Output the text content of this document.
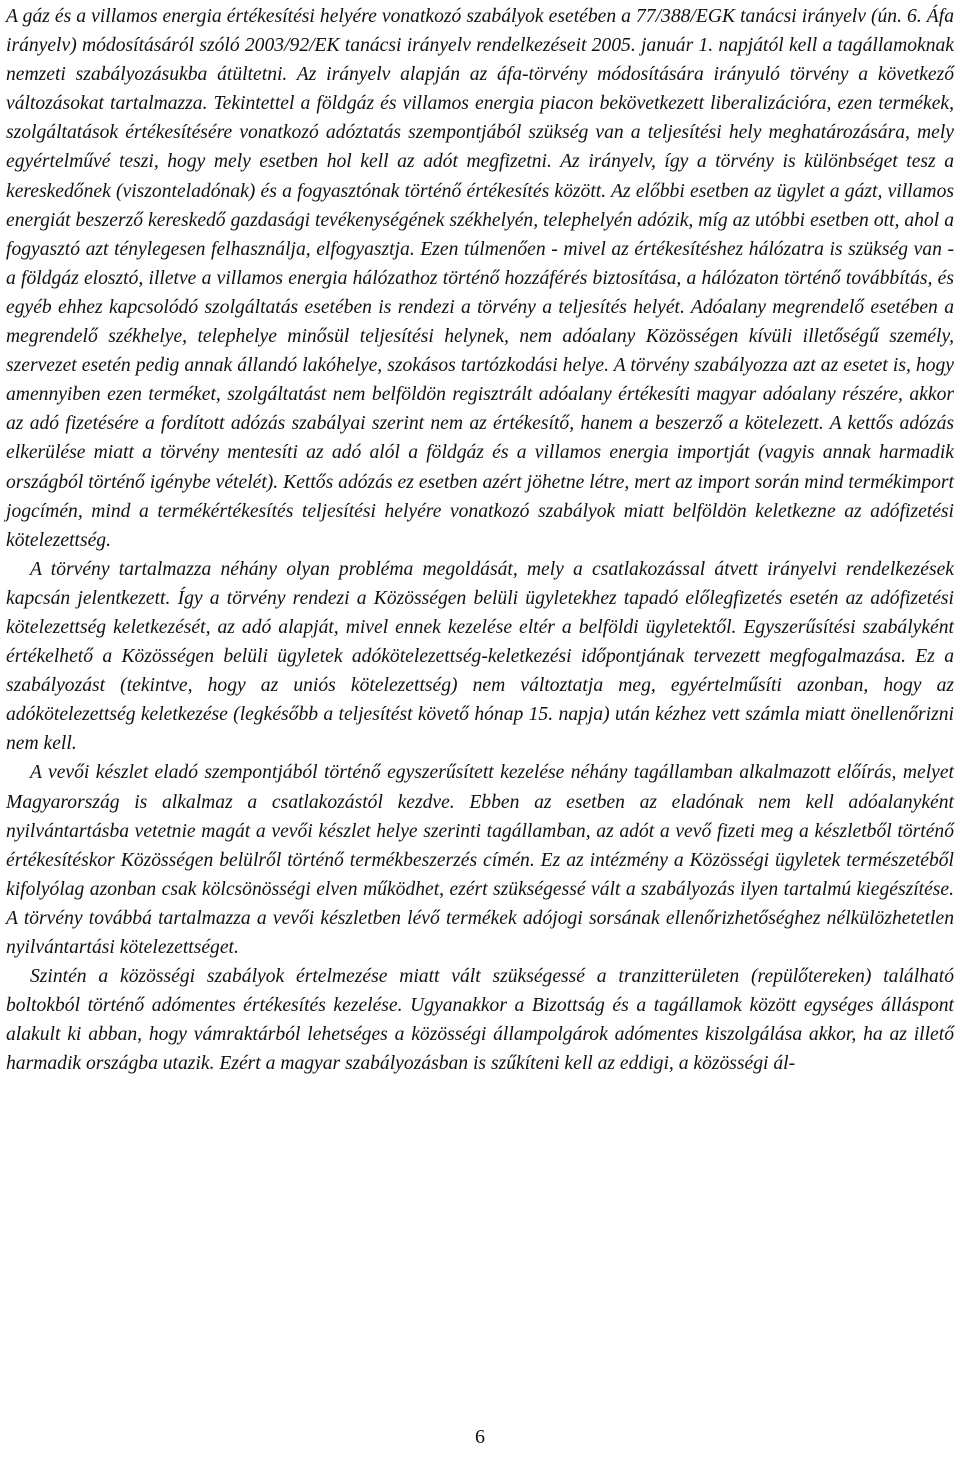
A gáz és a villamos energia értékesítési helyére vonatkozó szabályok esetében a 77/388/EGK tanácsi irányelv (ún. 6. Áfa irányelv) módosításáról szóló 2003/92/EK tanácsi irányelv rendelkezéseit 2005. január 1. napjától kell a tagállamoknak nemzeti szabályozásukba átültetni. Az irányelv alapján az áfa-törvény módosítására irányuló törvény a következő változásokat tartalmazza. Tekintettel a földgáz és villamos energia piacon bekövetkezett liberalizációra, ezen termékek, szolgáltatások értékesítésére vonatkozó adóztatás szempontjából szükség van a teljesítési hely meghatározására, mely egyértelművé teszi, hogy mely esetben hol kell az adót megfizetni. Az irányelv, így a törvény is különbséget tesz a kereskedőnek (viszonteladónak) és a fogyasztónak történő értékesítés között. Az előbbi esetben az ügylet a gázt, villamos energiát beszerző kereskedő gazdasági tevékenységének székhelyén, telephelyén adózik, míg az utóbbi esetben ott, ahol a fogyasztó azt ténylegesen felhasználja, elfogyasztja. Ezen túlmenően - mivel az értékesítéshez hálózatra is szükség van - a földgáz elosztó, illetve a villamos energia hálózathoz történő hozzáférés biztosítása, a hálózaton történő továbbítás, és egyéb ehhez kapcsolódó szolgáltatás esetében is rendezi a törvény a teljesítés helyét. Adóalany megrendelő esetében a megrendelő székhelye, telephelye minősül teljesítési helynek, nem adóalany Közösségen kívüli illetőségű személy, szervezet esetén pedig annak állandó lakóhelye, szokásos tartózkodási helye. A törvény szabályozza azt az esetet is, hogy amennyiben ezen terméket, szolgáltatást nem belföldön regisztrált adóalany értékesíti magyar adóalany részére, akkor az adó fizetésére a fordított adózás szabályai szerint nem az értékesítő, hanem a beszerző a kötelezett. A kettős adózás elkerülése miatt a törvény mentesíti az adó alól a földgáz és a villamos energia importját (vagyis annak harmadik országból történő igénybe vételét). Kettős adózás ez esetben azért jöhetne létre, mert az import során mind termékimport jogcímén, mind a termékértékesítés teljesítési helyére vonatkozó szabályok miatt belföldön keletkezne az adófizetési kötelezettség.

A törvény tartalmazza néhány olyan probléma megoldását, mely a csatlakozással átvett irányelvi rendelkezések kapcsán jelentkezett. Így a törvény rendezi a Közösségen belüli ügyletekhez tapadó előlegfizetés esetén az adófizetési kötelezettség keletkezését, az adó alapját, mivel ennek kezelése eltér a belföldi ügyletektől. Egyszerűsítési szabályként értékelhető a Közösségen belüli ügyletek adókötelezettség-keletkezési időpontjának tervezett megfogalmazása. Ez a szabályozást (tekintve, hogy az uniós kötelezettség) nem változtatja meg, egyértelműsíti azonban, hogy az adókötelezettség keletkezése (legkésőbb a teljesítést követő hónap 15. napja) után kézhez vett számla miatt önellenőrizni nem kell.

A vevői készlet eladó szempontjából történő egyszerűsített kezelése néhány tagállamban alkalmazott előírás, melyet Magyarország is alkalmaz a csatlakozástól kezdve. Ebben az esetben az eladónak nem kell adóalanyként nyilvántartásba vetetnie magát a vevői készlet helye szerinti tagállamban, az adót a vevő fizeti meg a készletből történő értékesítéskor Közösségen belülről történő termékbeszerzés címén. Ez az intézmény a Közösségi ügyletek természetéből kifolyólag azonban csak kölcsönösségi elven működhet, ezért szükségessé vált a szabályozás ilyen tartalmú kiegészítése. A törvény továbbá tartalmazza a vevői készletben lévő termékek adójogi sorsának ellenőrizhetőséghez nélkülözhetetlen nyilvántartási kötelezettséget.

Szintén a közösségi szabályok értelmezése miatt vált szükségessé a tranzitterületen (repülőtereken) található boltokból történő adómentes értékesítés kezelése. Ugyanakkor a Bizottság és a tagállamok között egységes álláspont alakult ki abban, hogy vámraktárból lehetséges a közösségi állampolgárok adómentes kiszolgálása akkor, ha az illető harmadik országba utazik. Ezért a magyar szabályozásban is szűkíteni kell az eddigi, a közösségi ál-

6
